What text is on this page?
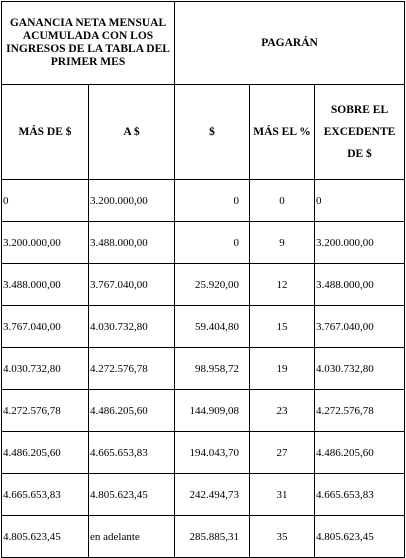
GANANCIA NETA MENSUAL
ACUMULADA CON LOS
INGRESOS DE LA TABLA DEL
PRIMER MES		PAGARÁN		
MÁS DE $	A $	$	MÁS EL %	SOBRE EL
EXCEDENTE
DE $

0	3.200.000,00	0	0	0
3.200.000,00	3.488.000,00	0	9	3.200.000,00
3.488.000,00	3.767.040,00	25.920,00	12	3.488.000,00
3.767.040,00	4.030.732,80	59.404,80	15	3.767.040,00
4.030.732,80	4.272.576,78	98.958,72	19	4.030.732,80
4.272.576,78	4.486.205,60	144.909,08	23	4.272.576,78
4.486.205,60	4.665.653,83	194.043,70	27	4.486.205,60
4.665.653,83	4.805.623,45	242.494,73	31	4.665.653,83
4.805.623,45	en adelante	285.885,31	35	4.805.623,45
